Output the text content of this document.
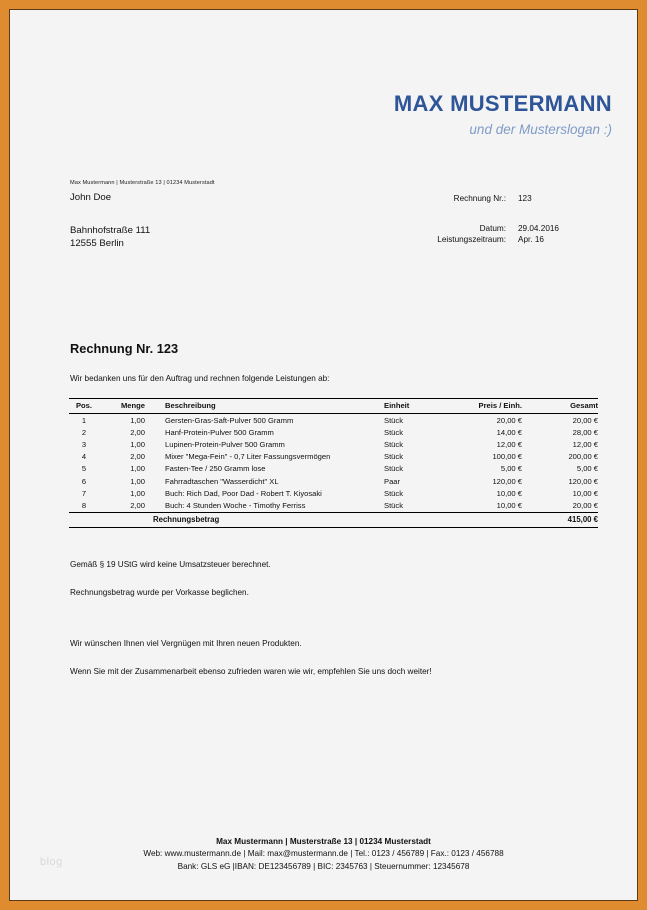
MAX MUSTERMANN
und der Musterslogan :)
Max Mustermann | Musterstraße 13 | 01234 Musterstadt
John Doe
Bahnhofstraße 111
12555 Berlin
Rechnung Nr.:	123
Datum:	29.04.2016
Leistungszeitraum:	Apr. 16
Rechnung Nr. 123
Wir bedanken uns für den Auftrag und rechnen folgende Leistungen ab:
Pos.	Menge	Beschreibung	Einheit	Preis / Einh.	Gesamt
1	1,00	Gersten-Gras-Saft-Pulver 500 Gramm	Stück	20,00 €	20,00 €
2	2,00	Hanf-Protein-Pulver 500 Gramm	Stück	14,00 €	28,00 €
3	1,00	Lupinen-Protein-Pulver 500 Gramm	Stück	12,00 €	12,00 €
4	2,00	Mixer "Mega-Fein" - 0,7 Liter Fassungsvermögen	Stück	100,00 €	200,00 €
5	1,00	Fasten-Tee / 250 Gramm lose	Stück	5,00 €	5,00 €
6	1,00	Fahrradtaschen "Wasserdicht" XL	Paar	120,00 €	120,00 €
7	1,00	Buch: Rich Dad, Poor Dad - Robert T. Kiyosaki	Stück	10,00 €	10,00 €
8	2,00	Buch: 4 Stunden Woche - Timothy Ferriss	Stück	10,00 €	20,00 €
		Rechnungsbetrag			415,00 €

Gemäß § 19 UStG wird keine Umsatzsteuer berechnet.

Rechnungsbetrag wurde per Vorkasse beglichen.

Wir wünschen Ihnen viel Vergnügen mit Ihren neuen Produkten.

Wenn Sie mit der Zusammenarbeit ebenso zufrieden waren wie wir, empfehlen Sie uns doch weiter!

Max Mustermann | Musterstraße 13 | 01234 Musterstadt
Web: www.mustermann.de | Mail: max@mustermann.de | Tel.: 0123 / 456789 | Fax.: 0123 / 456788
Bank: GLS eG |IBAN: DE123456789 | BIC: 2345763 | Steuernummer: 12345678
blog
